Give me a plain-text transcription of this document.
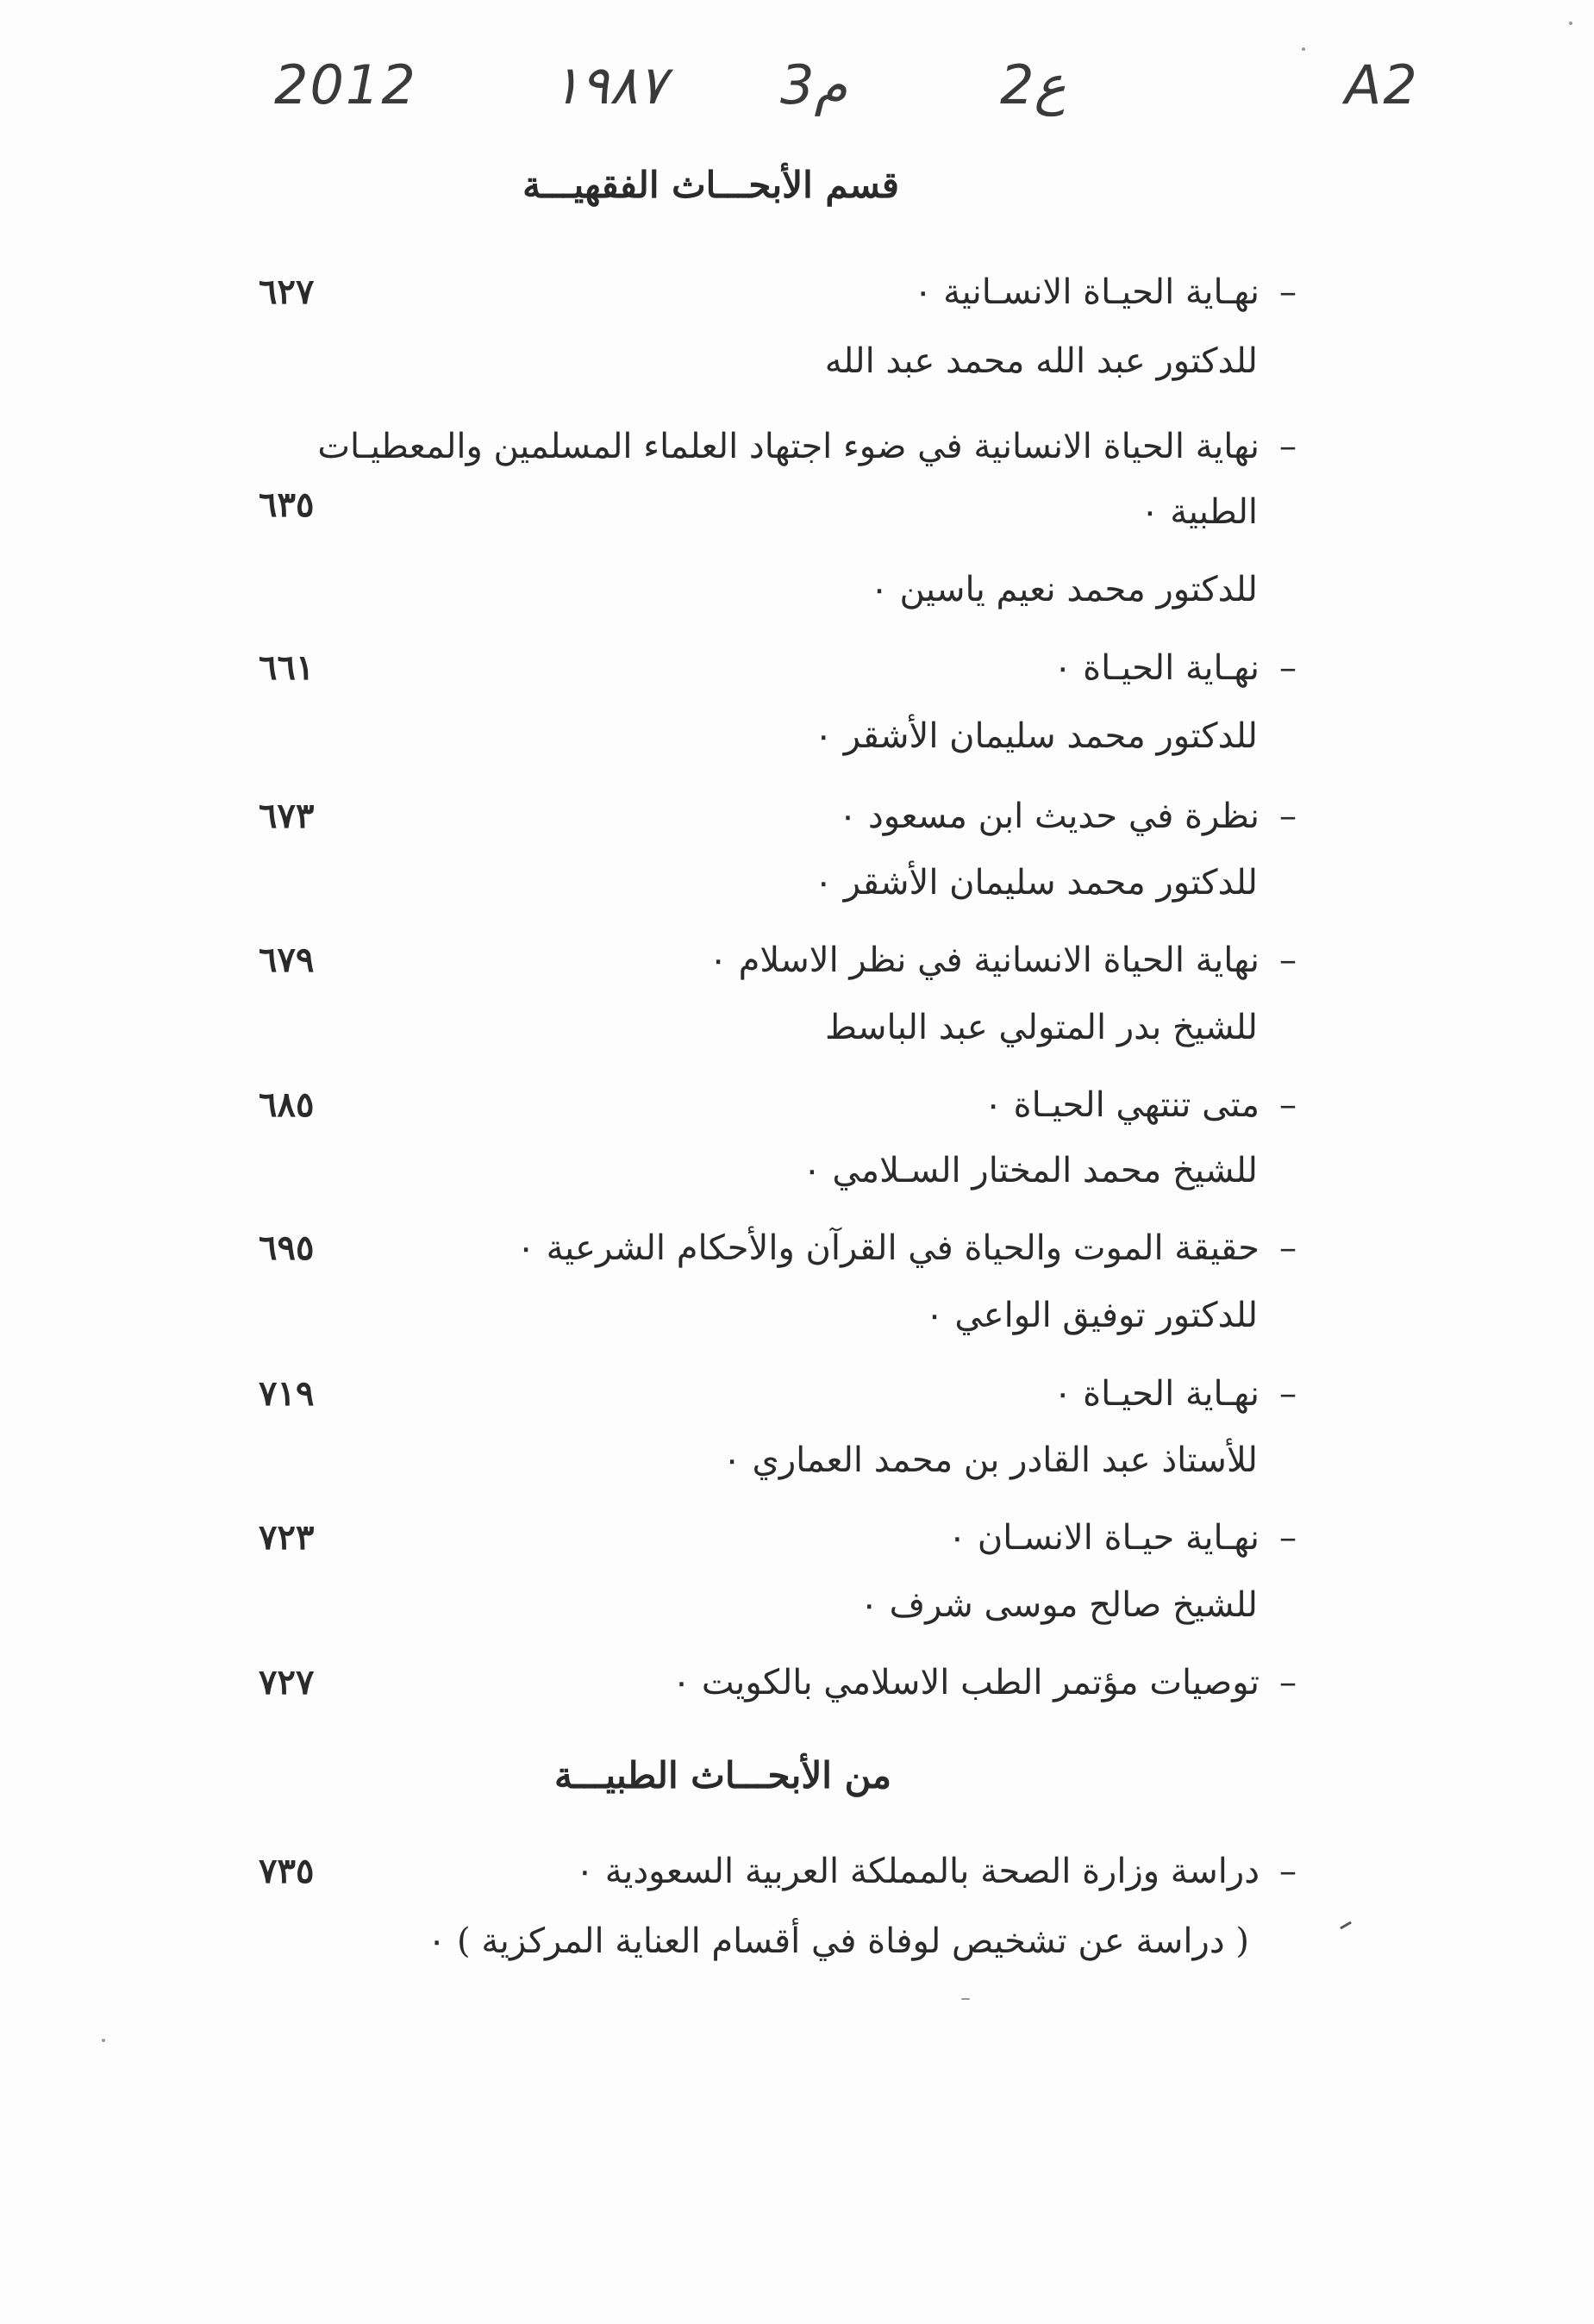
A2
2ع
3م
١٩٨٧
2012
قسم الأبحـــاث الفقهيـــة
– نهـاية الحيـاة الانسـانية ٠
٦٢٧
للدكتور عبد الله محمد عبد الله
– نهاية الحياة الانسانية في ضوء اجتهاد العلماء المسلمين والمعطيـات
الطبية ٠
٦٣٥
للدكتور محمد نعيم ياسين ٠
– نهـاية الحيـاة ٠
٦٦١
للدكتور محمد سليمان الأشقر ٠
– نظرة في حديث ابن مسعود ٠
٦٧٣
للدكتور محمد سليمان الأشقر ٠
– نهاية الحياة الانسانية في نظر الاسلام ٠
٦٧٩
للشيخ بدر المتولي عبد الباسط
– متى تنتهي الحيـاة ٠
٦٨٥
للشيخ محمد المختار السـلامي ٠
– حقيقة الموت والحياة في القرآن والأحكام الشرعية ٠
٦٩٥
للدكتور توفيق الواعي ٠
– نهـاية الحيـاة ٠
٧١٩
للأستاذ عبد القادر بن محمد العماري ٠
– نهـاية حيـاة الانسـان ٠
٧٢٣
للشيخ صالح موسى شرف ٠
– توصيات مؤتمر الطب الاسلامي بالكويت ٠
٧٢٧
من الأبحـــاث الطبيـــة
– دراسة وزارة الصحة بالمملكة العربية السعودية ٠
٧٣٥
( دراسة عن تشخيص لوفاة في أقسام العناية المركزية ) ٠
